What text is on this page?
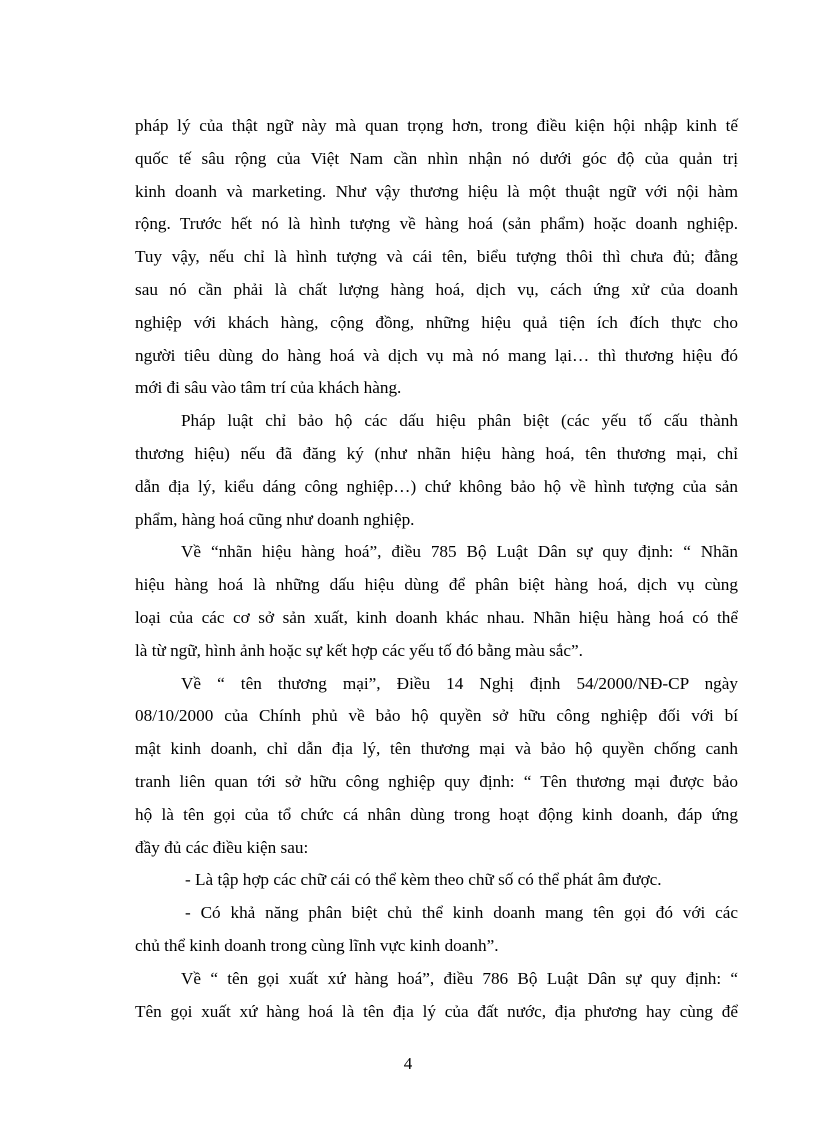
pháp lý của thật ngữ này mà quan trọng hơn, trong điều kiện hội nhập kinh tế
quốc tế sâu rộng của Việt Nam cần nhìn nhận nó dưới góc độ của quản trị
kinh doanh và marketing. Như vậy thương hiệu là một thuật ngữ với nội hàm
rộng. Trước hết nó là hình tượng về hàng hoá (sản phẩm) hoặc doanh nghiệp.
Tuy vậy, nếu chỉ là hình tượng và cái tên, biểu tượng thôi thì chưa đủ; đằng
sau nó cần phải là chất lượng hàng hoá, dịch vụ, cách ứng xử của doanh
nghiệp với khách hàng, cộng đồng, những hiệu quả tiện ích đích thực cho
người tiêu dùng do hàng hoá và dịch vụ mà nó mang lại… thì thương hiệu đó
mới đi sâu vào tâm trí của khách hàng.
Pháp luật chỉ bảo hộ các dấu hiệu phân biệt (các yếu tố cấu thành
thương hiệu) nếu đã đăng ký (như nhãn hiệu hàng hoá, tên thương mại, chỉ
dẫn địa lý, kiểu dáng công nghiệp…) chứ không bảo hộ về hình tượng của sản
phẩm, hàng hoá cũng như doanh nghiệp.
Về “nhãn hiệu hàng hoá”, điều 785 Bộ Luật Dân sự quy định: “ Nhãn
hiệu hàng hoá là những dấu hiệu dùng để phân biệt hàng hoá, dịch vụ cùng
loại của các cơ sở sản xuất, kinh doanh khác nhau. Nhãn hiệu hàng hoá có thể
là từ ngữ, hình ảnh hoặc sự kết hợp các yếu tố đó bằng màu sắc”.
Về “ tên thương mại”, Điều 14 Nghị định 54/2000/NĐ-CP ngày
08/10/2000 của Chính phủ về bảo hộ quyền sở hữu công nghiệp đối với bí
mật kinh doanh, chỉ dẫn địa lý, tên thương mại và bảo hộ quyền chống canh
tranh liên quan tới sở hữu công nghiệp quy định: “ Tên thương mại được bảo
hộ là tên gọi của tổ chức cá nhân dùng trong hoạt động kinh doanh, đáp ứng
đầy đủ các điều kiện sau:
- Là tập hợp các chữ cái có thể kèm theo chữ số có thể phát âm được.
- Có khả năng phân biệt chủ thể kinh doanh mang tên gọi đó với các
chủ thể kinh doanh trong cùng lĩnh vực kinh doanh”.
Về “ tên gọi xuất xứ hàng hoá”, điều 786 Bộ Luật Dân sự quy định: “
Tên gọi xuất xứ hàng hoá là tên địa lý của đất nước, địa phương hay cùng để
4
